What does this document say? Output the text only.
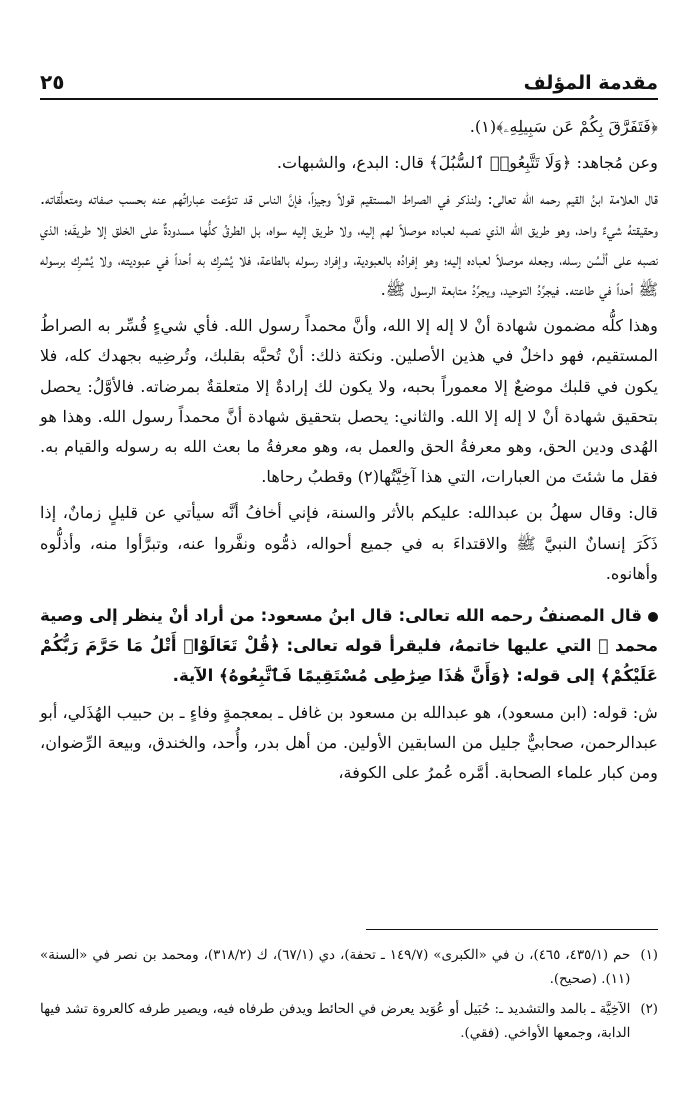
مقدمة المؤلف
٢٥

﴿فَتَفَرَّقَ بِكُمْ عَن سَبِيلِهِۦ﴾(١).

وعن مُجاهد: ﴿وَلَا تَتَّبِعُوا۟ ٱلسُّبُلَ﴾ قال: البدع، والشبهات.

قال العلامة ابنُ القيم رحمه الله تعالى: ولنذكر في الصراط المستقيم قولاً وجيزاً، فإنَّ الناس قد تنوَّعت عباراتُهم عنه بحسب صفاته ومتعلَّقاته. وحقيقتهُ شيءٌ واحد، وهو طريق الله الذي نصبه لعباده موصلاً لهم إليه، ولا طريق إليه سواه، بل الطرقُ كلُّها مسدودةٌ على الخلق إلا طريقَه؛ الذي نصبه على ألْسُن رسله، وجعله موصلاً لعباده إليه؛ وهو إفرادُه بالعبودية، وإفراد رسوله بالطاعة، فلا يُشرِك به أحداً في عبوديته، ولا يُشرِك برسوله ﷺ أحداً في طاعته. فيجرِّدُ التوحيد، ويجرِّدُ متابعة الرسول ﷺ.

وهذا كلُّه مضمون شهادة أنْ لا إله إلا الله، وأنَّ محمداً رسول الله. فأي شيءٍ فُسِّر به الصراطُ المستقيم، فهو داخلٌ في هذين الأصلين. ونكتة ذلك: أنْ تُحبَّه بقلبك، وتُرضِيه بجهدك كله، فلا يكون في قلبك موضعٌ إلا معموراً بحبه، ولا يكون لك إرادةٌ إلا متعلقةٌ بمرضاته. فالأوَّلُ: يحصل بتحقيق شهادة أنْ لا إله إلا الله. والثاني: يحصل بتحقيق شهادة أنَّ محمداً رسول الله. وهذا هو الهُدى ودين الحق، وهو معرفةُ الحق والعمل به، وهو معرفةُ ما بعث الله به رسوله والقيام به. فقل ما شئتَ من العبارات، التي هذا آخِيَّتُها(٢) وقطبُ رحاها.

قال: وقال سهلُ بن عبدالله: عليكم بالأثر والسنة، فإني أخافُ أنَّه سيأتي عن قليلٍ زمانٌ، إذا ذَكَرَ إنسانٌ النبيَّ ﷺ والاقتداءَ به في جميع أحواله، ذمُّوه ونفَّروا عنه، وتبرَّأوا منه، وأذلُّوه وأهانوه.

قال المصنفُ رحمه الله تعالى: قال ابنُ مسعود: من أراد أنْ ينظر إلى وصية محمد ﷺ التي عليها خاتمهُ، فليقرأ قوله تعالى: ﴿قُلْ تَعَالَوْا۟ أَتْلُ مَا حَرَّمَ رَبُّكُمْ عَلَيْكُمْ﴾ إلى قوله: ﴿وَأَنَّ هَٰذَا صِرَٰطِى مُسْتَقِيمًا فَٱتَّبِعُوهُ﴾ الآية.

ش: قوله: (ابن مسعود)، هو عبدالله بن مسعود بن غافل ـ بمعجمةٍ وفاءٍ ـ بن حبيب الهُذَلي، أبو عبدالرحمن، صحابيٌّ جليل من السابقين الأولين. من أهل بدر، وأُحد، والخندق، وبيعة الرِّضوان، ومن كبار علماء الصحابة. أمَّره عُمرُ على الكوفة،

(١)
حم (٤٣٥/١، ٤٦٥)، ن في «الكبرى» (١٤٩/٧ ـ تحفة)، دي (٦٧/١)، ك (٣١٨/٢)، ومحمد بن نصر في «السنة» (١١). (صحيح).
(٢)
الآخِيَّة ـ بالمد والتشديد ـ: حُبَيل أو عُوَيد يعرض في الحائط ويدفن طرفاه فيه، ويصير طرفه كالعروة تشد فيها الدابة، وجمعها الأواخي. (فقي).
